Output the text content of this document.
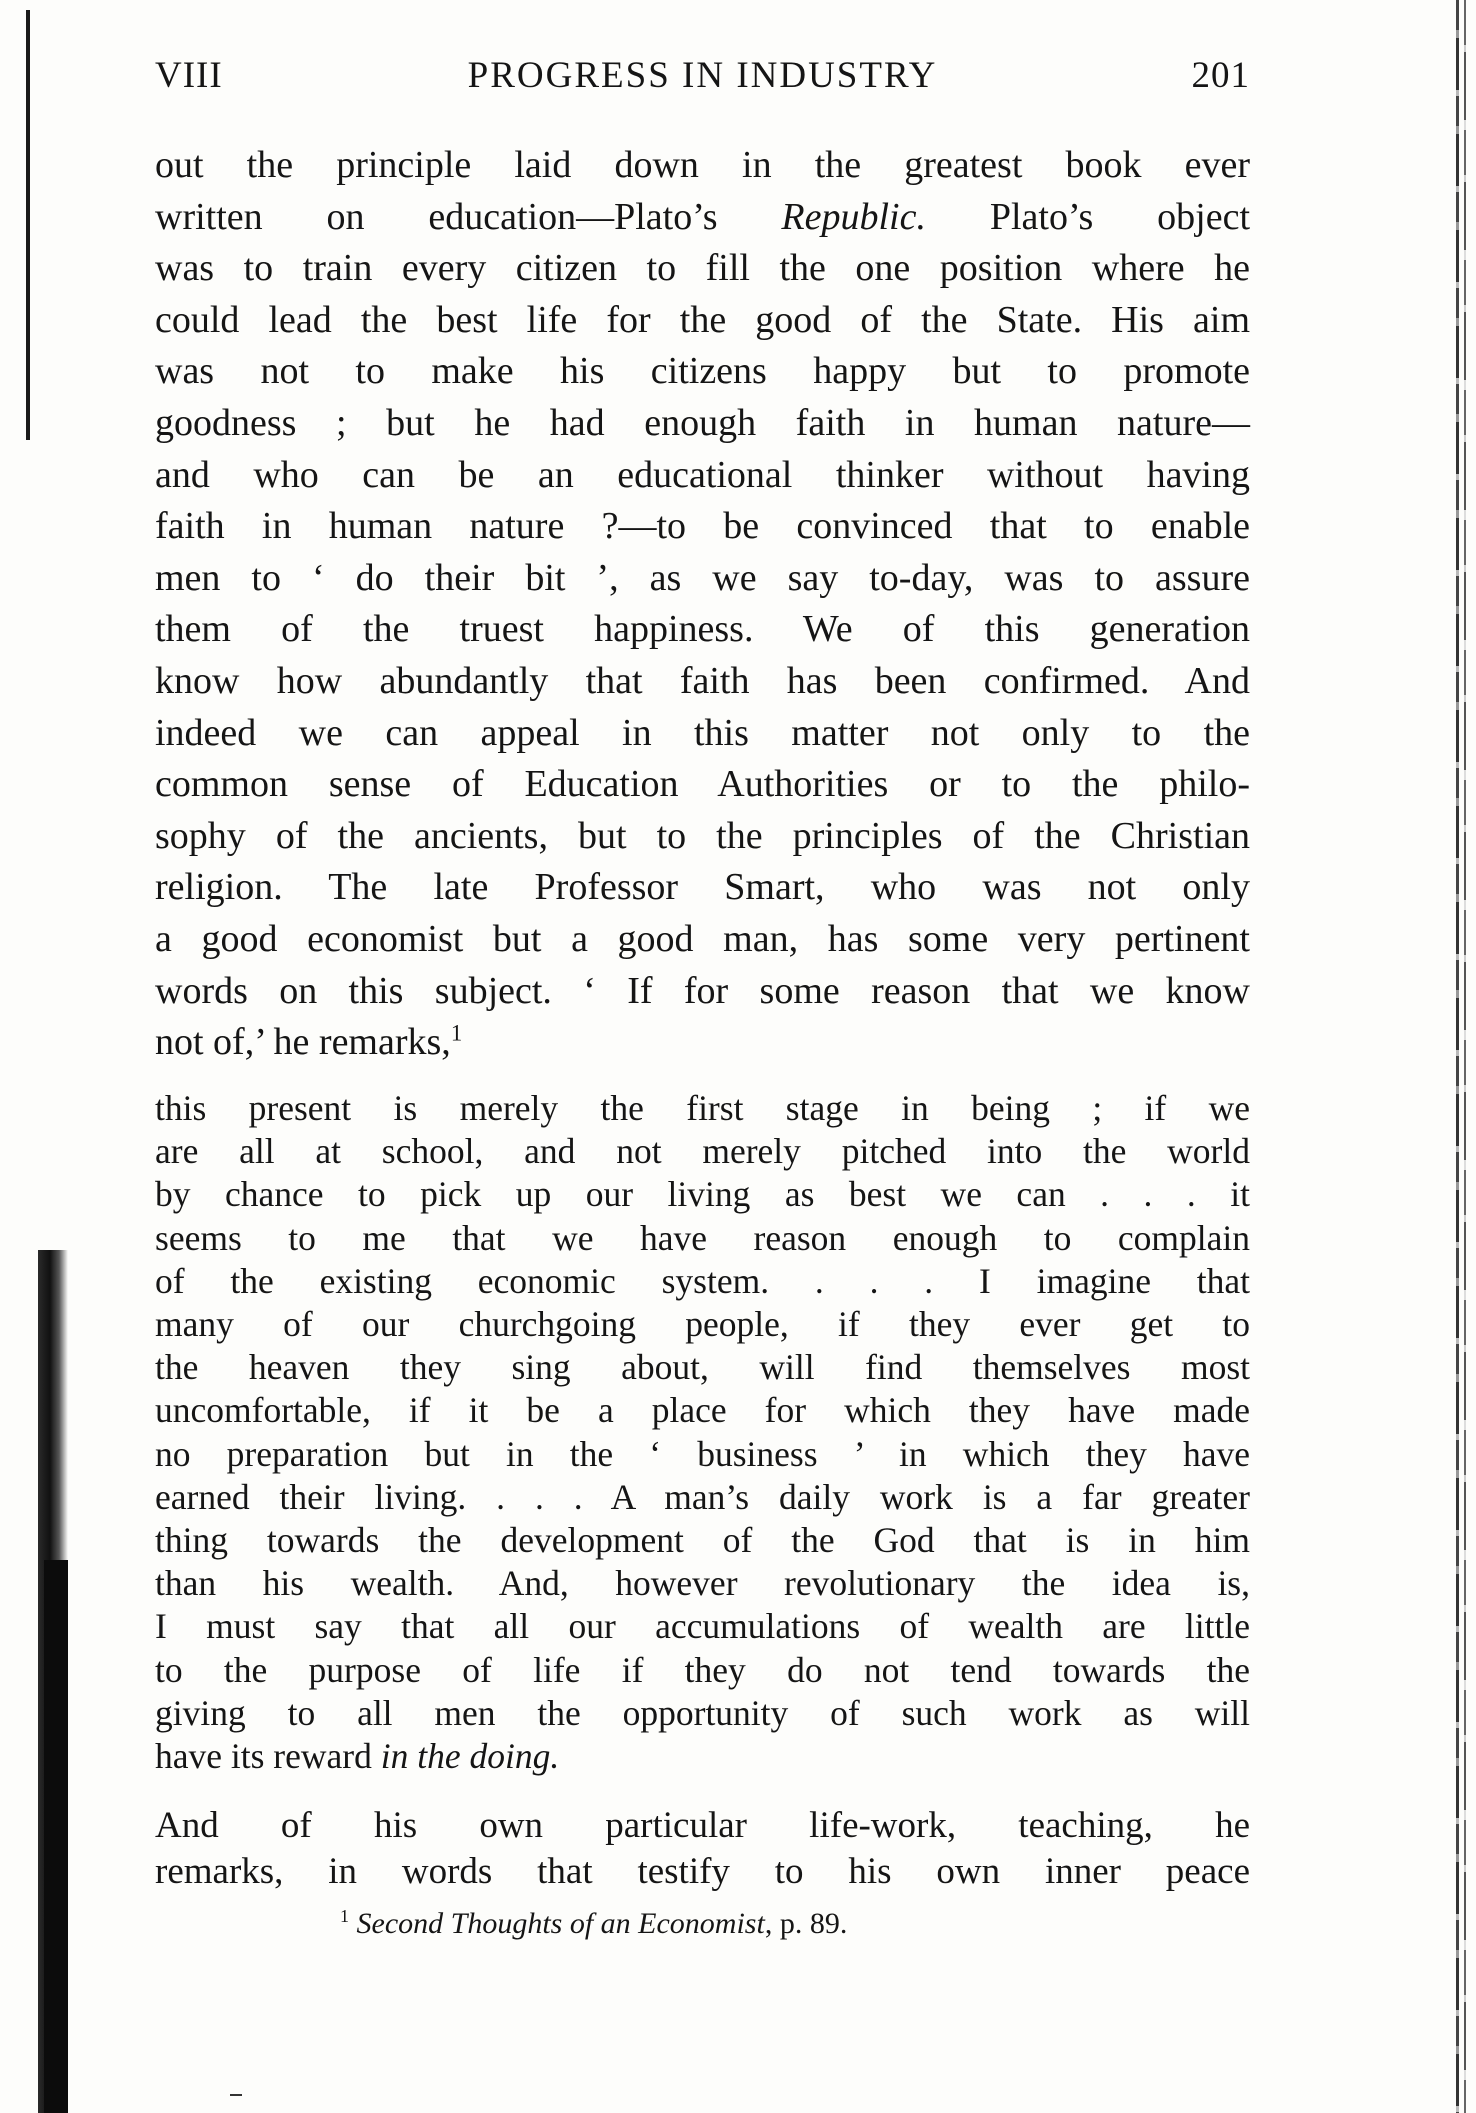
VIII	PROGRESS IN INDUSTRY	201
out the principle laid down in the greatest book ever
written on education—Plato’s Republic. Plato’s object
was to train every citizen to fill the one position where he
could lead the best life for the good of the State. His aim
was not to make his citizens happy but to promote
goodness ; but he had enough faith in human nature—
and who can be an educational thinker without having
faith in human nature ?—to be convinced that to enable
men to ‘ do their bit ’, as we say to-day, was to assure
them of the truest happiness. We of this generation
know how abundantly that faith has been confirmed. And
indeed we can appeal in this matter not only to the
common sense of Education Authorities or to the philo-
sophy of the ancients, but to the principles of the Christian
religion. The late Professor Smart, who was not only
a good economist but a good man, has some very pertinent
words on this subject. ‘ If for some reason that we know
not of,’ he remarks,$^1$
this present is merely the first stage in being ; if we
are all at school, and not merely pitched into the world
by chance to pick up our living as best we can . . . it
seems to me that we have reason enough to complain
of the existing economic system. . . . I imagine that
many of our churchgoing people, if they ever get to
the heaven they sing about, will find themselves most
uncomfortable, if it be a place for which they have made
no preparation but in the ‘ business ’ in which they have
earned their living. . . . A man’s daily work is a far greater
thing towards the development of the God that is in him
than his wealth. And, however revolutionary the idea is,
I must say that all our accumulations of wealth are little
to the purpose of life if they do not tend towards the
giving to all men the opportunity of such work as will
have its reward in the doing.
And of his own particular life-work, teaching, he
remarks, in words that testify to his own inner peace
$^1$ Second Thoughts of an Economist, p. 89.
